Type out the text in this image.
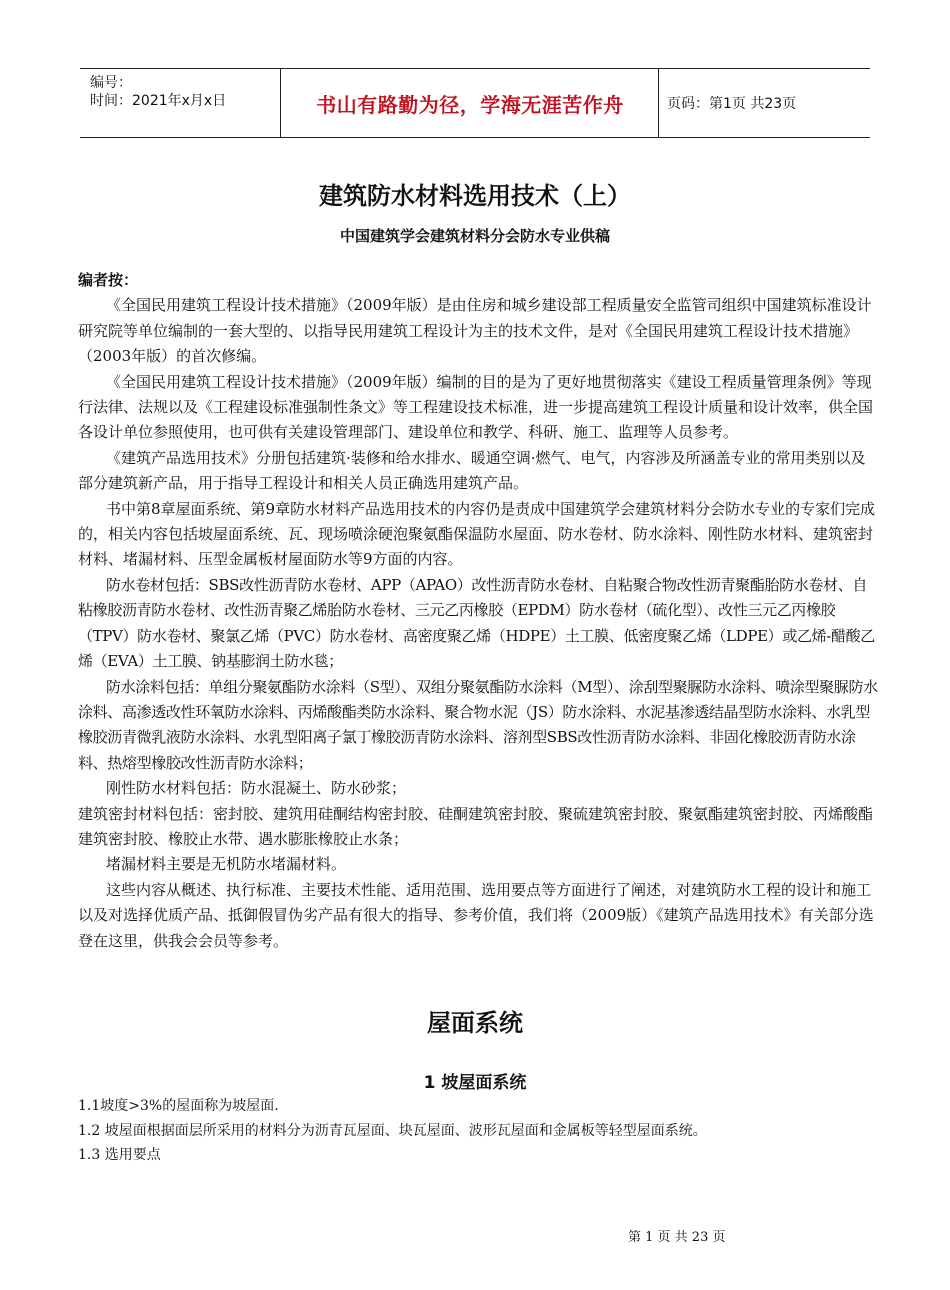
编号：
时间：2021年x月x日	书山有路勤为径，学海无涯苦作舟	页码：第1页 共23页
建筑防水材料选用技术（上）
中国建筑学会建筑材料分会防水专业供稿

编者按：

《全国民用建筑工程设计技术措施》（2009年版）是由住房和城乡建设部工程质量安全监管司组织中国建筑标准设计研究院等单位编制的一套大型的、以指导民用建筑工程设计为主的技术文件，是对《全国民用建筑工程设计技术措施》（2003年版）的首次修编。

《全国民用建筑工程设计技术措施》（2009年版）编制的目的是为了更好地贯彻落实《建设工程质量管理条例》等现行法律、法规以及《工程建设标准强制性条文》等工程建设技术标准，进一步提高建筑工程设计质量和设计效率，供全国各设计单位参照使用，也可供有关建设管理部门、建设单位和教学、科研、施工、监理等人员参考。

《建筑产品选用技术》分册包括建筑·装修和给水排水、暖通空调·燃气、电气，内容涉及所涵盖专业的常用类别以及部分建筑新产品，用于指导工程设计和相关人员正确选用建筑产品。

书中第8章屋面系统、第9章防水材料产品选用技术的内容仍是责成中国建筑学会建筑材料分会防水专业的专家们完成的，相关内容包括坡屋面系统、瓦、现场喷涂硬泡聚氨酯保温防水屋面、防水卷材、防水涂料、刚性防水材料、建筑密封材料、堵漏材料、压型金属板材屋面防水等9方面的内容。

防水卷材包括：SBS改性沥青防水卷材、APP（APAO）改性沥青防水卷材、自粘聚合物改性沥青聚酯胎防水卷材、自粘橡胶沥青防水卷材、改性沥青聚乙烯胎防水卷材、三元乙丙橡胶（EPDM）防水卷材（硫化型）、改性三元乙丙橡胶（TPV）防水卷材、聚氯乙烯（PVC）防水卷材、高密度聚乙烯（HDPE）土工膜、低密度聚乙烯（LDPE）或乙烯-醋酸乙烯（EVA）土工膜、钠基膨润土防水毯；

防水涂料包括：单组分聚氨酯防水涂料（S型）、双组分聚氨酯防水涂料（M型）、涂刮型聚脲防水涂料、喷涂型聚脲防水涂料、高渗透改性环氧防水涂料、丙烯酸酯类防水涂料、聚合物水泥（JS）防水涂料、水泥基渗透结晶型防水涂料、水乳型橡胶沥青微乳液防水涂料、水乳型阳离子氯丁橡胶沥青防水涂料、溶剂型SBS改性沥青防水涂料、非固化橡胶沥青防水涂料、热熔型橡胶改性沥青防水涂料；

刚性防水材料包括：防水混凝土、防水砂浆；

建筑密封材料包括：密封胶、建筑用硅酮结构密封胶、硅酮建筑密封胶、聚硫建筑密封胶、聚氨酯建筑密封胶、丙烯酸酯建筑密封胶、橡胶止水带、遇水膨胀橡胶止水条；

堵漏材料主要是无机防水堵漏材料。

这些内容从概述、执行标准、主要技术性能、适用范围、选用要点等方面进行了阐述，对建筑防水工程的设计和施工以及对选择优质产品、抵御假冒伪劣产品有很大的指导、参考价值，我们将（2009版）《建筑产品选用技术》有关部分选登在这里，供我会会员等参考。

屋面系统
1 坡屋面系统

1.1坡度>3%的屋面称为坡屋面.

1.2 坡屋面根据面层所采用的材料分为沥青瓦屋面、块瓦屋面、波形瓦屋面和金属板等轻型屋面系统。

1.3 选用要点

第 1 页 共 23 页
